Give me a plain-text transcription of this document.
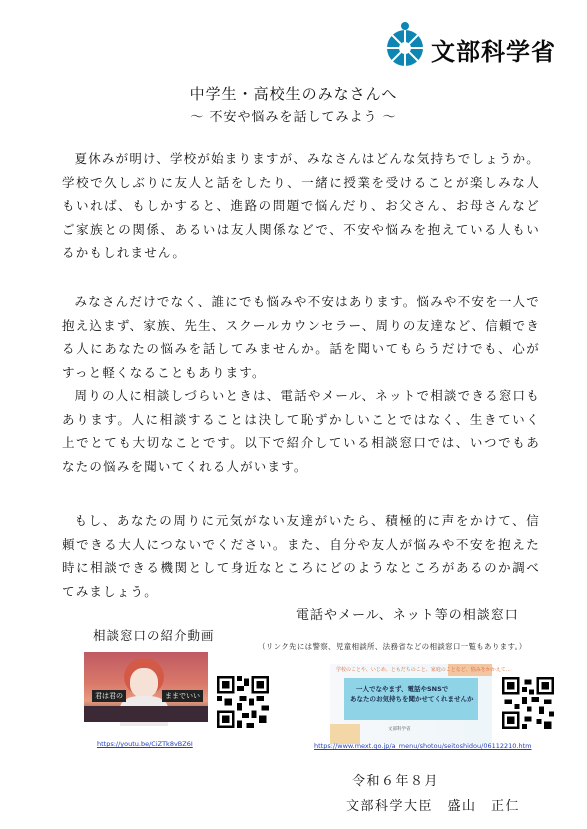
文部科学省
中学生・高校生のみなさんへ
～ 不安や悩みを話してみよう ～

夏休みが明け、学校が始まりますが、みなさんはどんな気持ちでしょうか。学校で久しぶりに友人と話をしたり、一緒に授業を受けることが楽しみな人もいれば、もしかすると、進路の問題で悩んだり、お父さん、お母さんなどご家族との関係、あるいは友人関係などで、不安や悩みを抱えている人もいるかもしれません。

みなさんだけでなく、誰にでも悩みや不安はあります。悩みや不安を一人で抱え込まず、家族、先生、スクールカウンセラー、周りの友達など、信頼できる人にあなたの悩みを話してみませんか。話を聞いてもらうだけでも、心がすっと軽くなることもあります。

周りの人に相談しづらいときは、電話やメール、ネットで相談できる窓口もあります。人に相談することは決して恥ずかしいことではなく、生きていく上でとても大切なことです。以下で紹介している相談窓口では、いつでもあなたの悩みを聞いてくれる人がいます。

もし、あなたの周りに元気がない友達がいたら、積極的に声をかけて、信頼できる大人につないでください。また、自分や友人が悩みや不安を抱えた時に相談できる機関として身近なところにどのようなところがあるのか調べてみましょう。

相談窓口の紹介動画
君は君の	ままでいい
https://youtu.be/CiZTk8vBZ6I
電話やメール、ネット等の相談窓口
（リンク先には警察、児童相談所、法務省などの相談窓口一覧もあります。）
学校のことや、いじめ、ともだちのこと、家庭のことなど、悩みをかかえて…
一人でなやまず、電話やSNSで
あなたのお気持ちを聞かせてくれませんか
文部科学省
https://www.mext.go.jp/a_menu/shotou/seitoshidou/06112210.htm
令和６年８月
文部科学大臣　盛山　正仁
